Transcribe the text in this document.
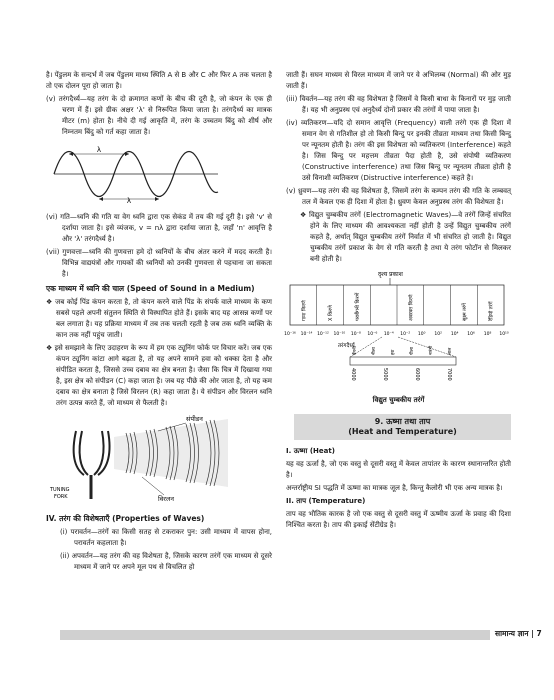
है। पेंडुलम के सन्दर्भ में जब पेंडुलम माध्य स्थिति A से B और C और फिर A तक चलता है तो एक दोलन पूरा हो जाता है।

(v) तरंगदैर्ध्य—यह तरंग के दो क्रमागत कणों के बीच की दूरी है, जो कंपन के एक ही चरण में हैं। इसे ग्रीक अक्षर 'λ' से निरूपित किया जाता है। तरंगदैर्ध्य का मात्रक मीटर (m) होता है। नीचे दी गई आकृति में, तरंग के उच्चतम बिंदु को शीर्ष और निम्नतम बिंदु को गर्त कहा जाता है।

λ
λ

(vi) गति—ध्वनि की गति या वेग ध्वनि द्वारा एक सेकंड में तय की गई दूरी है। इसे 'v' से दर्शाया जाता है। इसे व्यंजक, v = nλ द्वारा दर्शाया जाता है, जहाँ 'n' आवृत्ति है और 'λ' तरंगदैर्ध्य है।

(vii) गुणवत्ता—ध्वनि की गुणवत्ता हमे दो ध्वनियों के बीच अंतर करने में मदद करती है। विभिन्न वाद्ययंत्रों और गायकों की ध्वनियों को उनकी गुणवत्ता से पहचाना जा सकता है।

एक माध्यम में ध्वनि की चाल (Speed of Sound in a Medium)

❖ जब कोई पिंड कंपन करता है, तो कंपन करने वाले पिंड के संपर्क वाले माध्यम के कण सबसे पहले अपनी संतुलन स्थिति से विस्थापित होते हैं। इसके बाद यह आसन्न कणों पर बल लगाता है। यह प्रक्रिया माध्यम में तब तक चलती रहती है जब तक ध्वनि व्यक्ति के कान तक नहीं पहुंच जाती।

❖ इसे समझाने के लिए उदाहरण के रूप में हम एक ट्यूनिंग फोर्क पर विचार करें। जब एक कंपन ट्यूनिंग कांटा आगे बढ़ता है, तो यह अपने सामने हवा को धक्का देता है और संपीडित करता है, जिससे उच्च दबाव का क्षेत्र बनता है। जैसा कि चित्र में दिखाया गया है, इस क्षेत्र को संपीडन (C) कहा जाता है। जब यह पीछे की ओर जाता है, तो यह कम दबाव का क्षेत्र बनाता है जिसे विरलन (R) कहा जाता है। ये संपीडन और विरलन ध्वनि तरंग उत्पन्न करते हैं, जो माध्यम से फैलती है।

संपीडन
विरलन
TUNING
FORK

IV. तरंग की विशेषताएँ (Properties of Waves)

(i) परावर्तन—तरंगें का किसी सतह से टकराकर पुन: उसी माध्यम में वापस होना, परावर्तन कहलाता है।

(ii) अपवर्तन—यह तरंग की वह विशेषता है, जिसके कारण तरंगें एक माध्यम से दूसरे माध्यम में जाने पर अपने मूल पथ से विचलित हो

जाती हैं। सघन माध्यम से विरल माध्यम में जाने पर वे अभिलम्ब (Normal) की ओर मुड़ जाती हैं।

(iii) विवर्तन—यह तरंग की वह विशेषता है जिसमें वे किसी बाधा के किनारों पर मुड़ जाती हैं। यह भी अनुप्रस्थ एवं अनुदैर्ध्य दोनों प्रकार की तरंगों में पाया जाता है।

(iv) व्यतिकरण—यदि दो समान आवृत्ति (Frequency) वाली तरंगे एक ही दिशा में समान वेग से गतिशील हो तो किसी बिन्दु पर इनकी तीव्रता माध्यम तथा किसी बिन्दु पर न्यूनतम होती है। तरंग की इस विशेषता को व्यतिकरण (Interference) कहते है। जिस बिन्दु पर महत्तम तीव्रता पैदा होती है, उसे संपोषी व्यतिकरण (Constructive interference) तथा जिस बिन्दु पर न्यूनतम तीव्रता होती है उसे विनाशी व्यतिकरण (Distructive interference) कहते है।

(v) ध्रुवण—यह तरंग की वह विशेषता है, जिसमें तरंग के कम्पन तरंग की गति के लम्बवत् तल में केवल एक ही दिशा में होता है। ध्रुवण केवल अनुप्रस्थ तरंग की विशेषता है।

❖ विद्युत चुम्बकीय तरंगें (Electromagnetic Waves)—वे तरंगें जिन्हें संचरित होने के लिए माध्यम की आवश्यकता नहीं होती है उन्हें विद्युत चुम्बकीय तरंगें कहते है, अर्थात् विद्युत चुम्बकीय तरंगें निर्वात में भी संचरित हो जाती है। विद्युत चुम्बकीय तरंगें प्रकाश के वेग से गति करती है तथा ये तरंग फोटॉन से मिलकर बनी होती है।

दृश्य प्रकाश
गामा किरणे	X किरणे	पराबैंगनी किरणें	अवरक्त किरणे	सूक्ष्म तरंगें	रेडियो तरंगें
10⁻¹⁶ 10⁻¹⁴ 10⁻¹² 10⁻¹⁰ 10⁻⁸ 10⁻⁶ 10⁻⁴ 10⁻² 10⁰ 10² 10⁴ 10⁶ 10⁸ 10¹⁰
तरंगदैर्ध्य
4000	5000	6000	7000
बैंगनी	नीला	हरा	पीला	नारंगी	लाल

विद्युत चुम्बकीय तरंगें

9. ऊष्मा तथा ताप
(Heat and Temperature)

I. ऊष्मा (Heat)

यह वह ऊर्जा है, जो एक वस्तु से दूसरी वस्तु में केवल तापांतर के कारण स्थानान्तरित होती है।

अन्तर्राष्ट्रीय SI पद्धति में ऊष्मा का मात्रक जूल है, किन्तु कैलोरी भी एक अन्य मात्रक है।

II. ताप (Temperature)

ताप वह भौतिक कारक है जो एक वस्तु से दूसरी वस्तु में ऊष्मीय ऊर्जा के प्रवाह की दिशा निश्चित करता है। ताप की इकाई सेंटीग्रेड है।

सामान्य ज्ञान | 7
